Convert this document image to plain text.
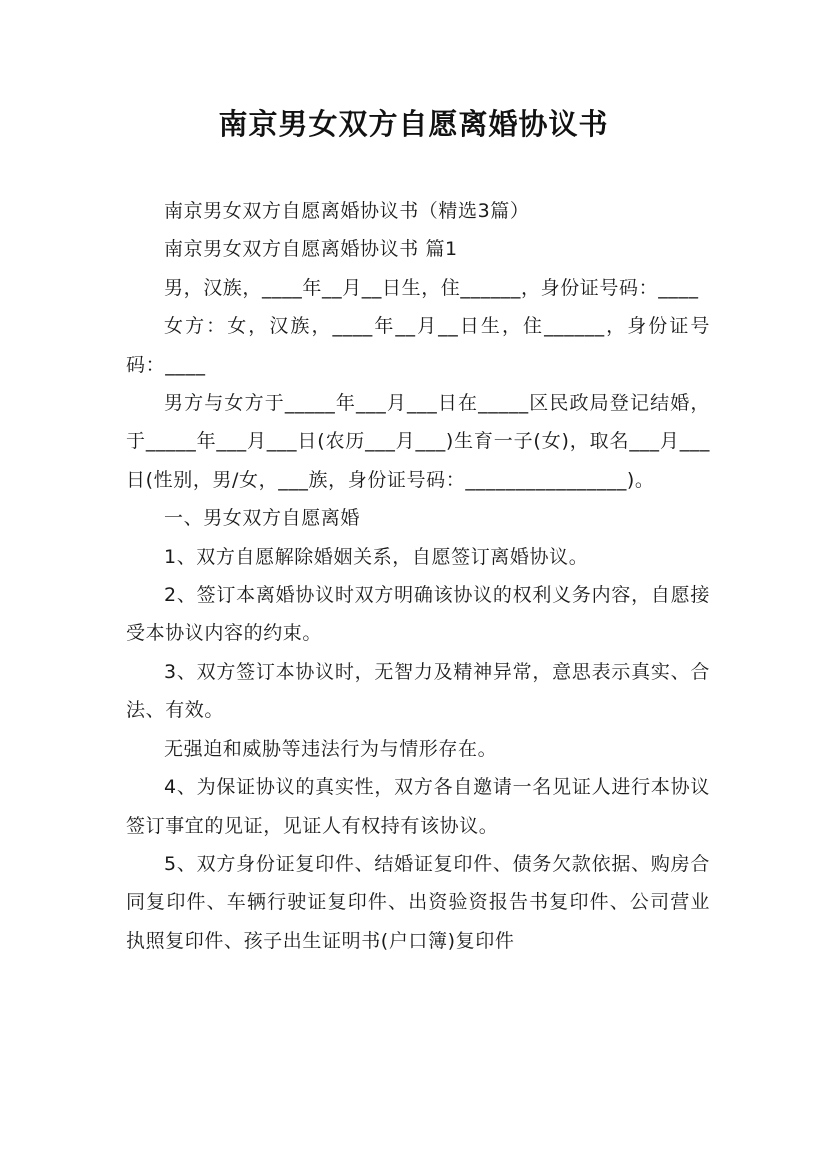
南京男女双方自愿离婚协议书

南京男女双方自愿离婚协议书（精选3篇）

南京男女双方自愿离婚协议书 篇1

男，汉族，____年__月__日生，住______，身份证号码：____

女方：女，汉族，____年__月__日生，住______，身份证号码：____

男方与女方于_____年___月___日在_____区民政局登记结婚，于_____年___月___日(农历___月___)生育一子(女)，取名___月___日(性别，男/女，___族，身份证号码：________________)。

一、男女双方自愿离婚

1、双方自愿解除婚姻关系，自愿签订离婚协议。

2、签订本离婚协议时双方明确该协议的权利义务内容，自愿接受本协议内容的约束。

3、双方签订本协议时，无智力及精神异常，意思表示真实、合法、有效。

无强迫和威胁等违法行为与情形存在。

4、为保证协议的真实性，双方各自邀请一名见证人进行本协议签订事宜的见证，见证人有权持有该协议。

5、双方身份证复印件、结婚证复印件、债务欠款依据、购房合同复印件、车辆行驶证复印件、出资验资报告书复印件、公司营业执照复印件、孩子出生证明书(户口簿)复印件
